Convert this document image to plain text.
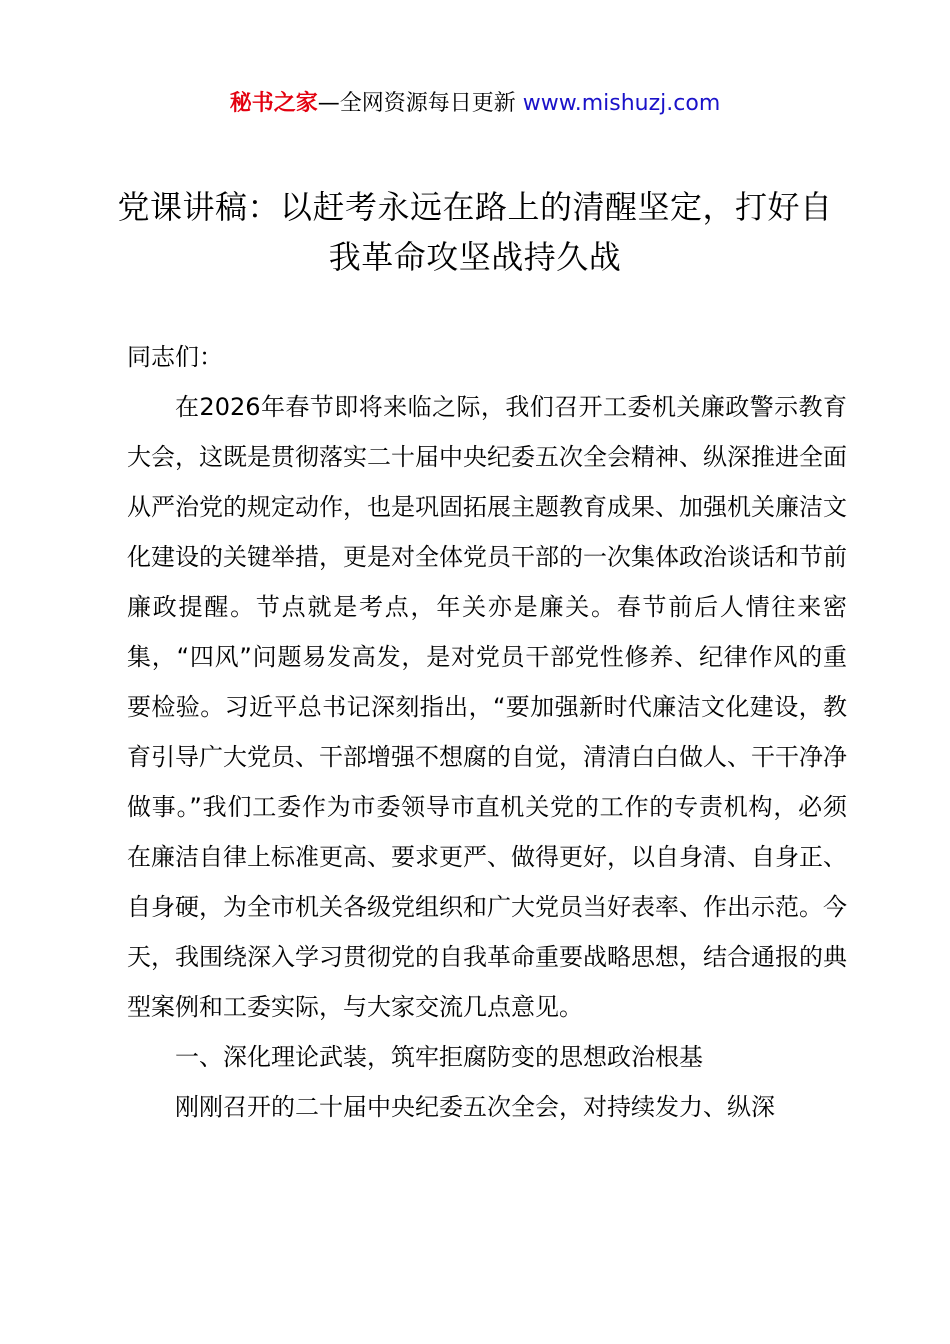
秘书之家—全网资源每日更新 www.mishuzj.com
党课讲稿：以赶考永远在路上的清醒坚定，打好自我革命攻坚战持久战

同志们：

在2026年春节即将来临之际，我们召开工委机关廉政警示教育大会，这既是贯彻落实二十届中央纪委五次全会精神、纵深推进全面从严治党的规定动作，也是巩固拓展主题教育成果、加强机关廉洁文化建设的关键举措，更是对全体党员干部的一次集体政治谈话和节前廉政提醒。节点就是考点，年关亦是廉关。春节前后人情往来密集，“四风”问题易发高发，是对党员干部党性修养、纪律作风的重要检验。习近平总书记深刻指出，“要加强新时代廉洁文化建设，教育引导广大党员、干部增强不想腐的自觉，清清白白做人、干干净净做事。”我们工委作为市委领导市直机关党的工作的专责机构，必须在廉洁自律上标准更高、要求更严、做得更好，以自身清、自身正、自身硬，为全市机关各级党组织和广大党员当好表率、作出示范。今天，我围绕深入学习贯彻党的自我革命重要战略思想，结合通报的典型案例和工委实际，与大家交流几点意见。

一、深化理论武装，筑牢拒腐防变的思想政治根基

刚刚召开的二十届中央纪委五次全会，对持续发力、纵深
